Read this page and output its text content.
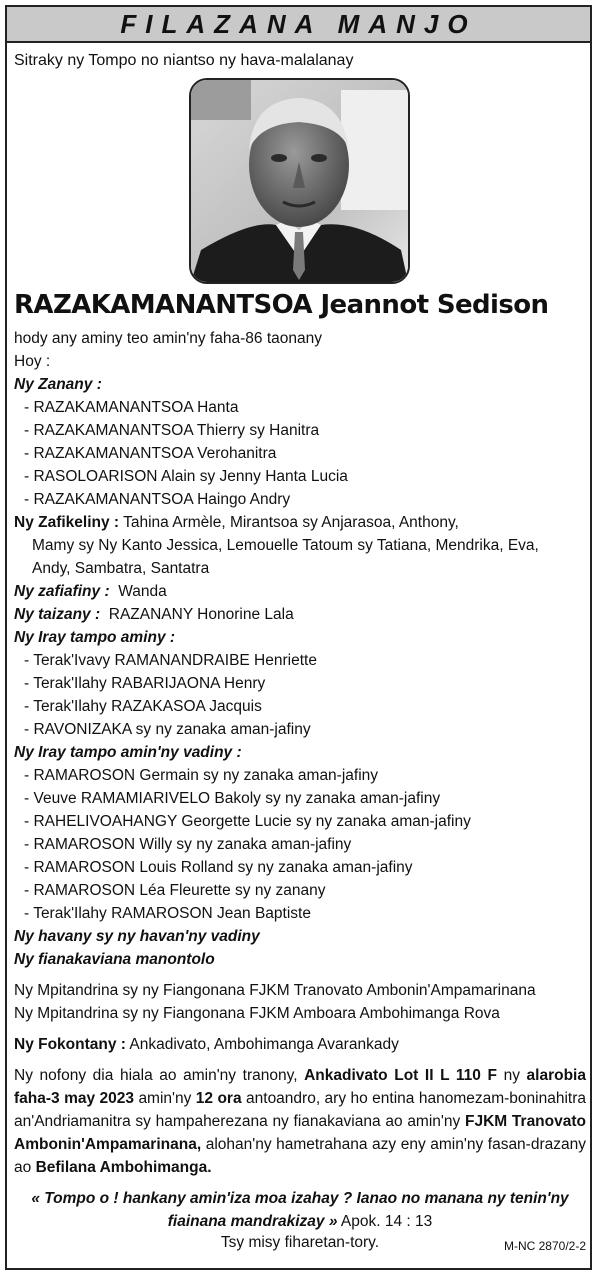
FILAZANA MANJO
Sitraky ny Tompo no niantso ny hava-malalanay
RAZAKAMANANTSOA Jeannot Sedison
hody any aminy teo amin'ny faha-86 taonany
Hoy :
Ny Zanany :
- RAZAKAMANANTSOA Hanta
- RAZAKAMANANTSOA Thierry sy Hanitra
- RAZAKAMANANTSOA Verohanitra
- RASOLOARISON Alain sy Jenny Hanta Lucia
- RAZAKAMANANTSOA Haingo Andry
Ny Zafikeliny : Tahina Armèle, Mirantsoa sy Anjarasoa, Anthony,
Mamy sy Ny Kanto Jessica, Lemouelle Tatoum sy Tatiana, Mendrika, Eva,
Andy, Sambatra, Santatra
Ny zafiafiny :  Wanda
Ny taizany :  RAZANANY Honorine Lala
Ny Iray tampo aminy :
- Terak'Ivavy RAMANANDRAIBE Henriette
- Terak'Ilahy RABARIJAONA Henry
- Terak'Ilahy RAZAKASOA Jacquis
- RAVONIZAKA sy ny zanaka aman-jafiny
Ny Iray tampo amin'ny vadiny :
- RAMAROSON Germain sy ny zanaka aman-jafiny
- Veuve RAMAMIARIVELO Bakoly sy ny zanaka aman-jafiny
- RAHELIVOAHANGY Georgette Lucie sy ny zanaka aman-jafiny
- RAMAROSON Willy sy ny zanaka aman-jafiny
- RAMAROSON Louis Rolland sy ny zanaka aman-jafiny
- RAMAROSON Léa Fleurette sy ny zanany
- Terak'Ilahy RAMAROSON Jean Baptiste
Ny havany sy ny havan'ny vadiny
Ny fianakaviana manontolo
Ny Mpitandrina sy ny Fiangonana FJKM Tranovato Ambonin'Ampamarinana
Ny Mpitandrina sy ny Fiangonana FJKM Amboara Ambohimanga Rova
Ny Fokontany : Ankadivato, Ambohimanga Avarankady
Ny nofony dia hiala ao amin'ny tranony, Ankadivato Lot II L 110 F ny alarobia faha-3 may 2023 amin'ny 12 ora antoandro, ary ho entina hanomezam-boninahitra an'Andriamanitra sy hampaherezana ny fianakaviana ao amin'ny FJKM Tranovato Ambonin'Ampamarinana, alohan'ny hametrahana azy eny amin'ny fasan-drazany ao Befilana Ambohimanga.
« Tompo o ! hankany amin'iza moa izahay ? Ianao no manana ny tenin'ny fiainana mandrakizay » Apok. 14 : 13
Tsy misy fiharetan-tory.	M-NC 2870/2-2
